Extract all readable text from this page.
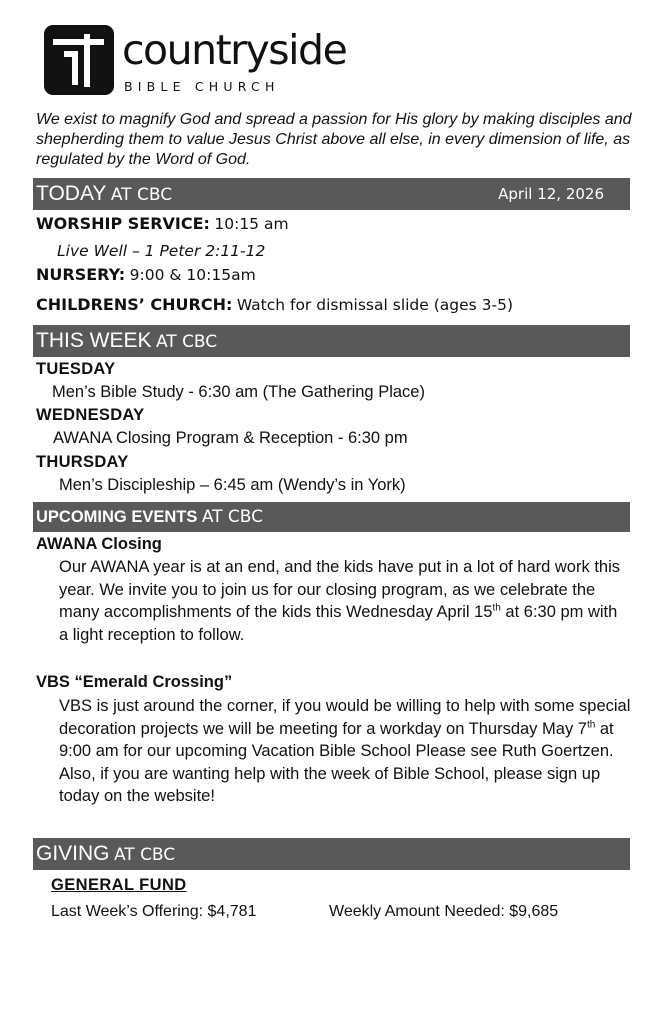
countryside
BIBLE CHURCH
We exist to magnify God and spread a passion for His glory by making disciples and shepherding them to value Jesus Christ above all else, in every dimension of life, as regulated by the Word of God.
TODAY AT CBC	April 12, 2026
WORSHIP SERVICE: 10:15 am
Live Well – 1 Peter 2:11-12
NURSERY: 9:00 & 10:15am
CHILDRENS’ CHURCH: Watch for dismissal slide (ages 3-5)
THIS WEEK AT CBC
TUESDAY
Men’s Bible Study - 6:30 am (The Gathering Place)
WEDNESDAY
AWANA Closing Program & Reception - 6:30 pm
THURSDAY
Men’s Discipleship – 6:45 am (Wendy’s in York)
UPCOMING EVENTS AT CBC
AWANA Closing
Our AWANA year is at an end, and the kids have put in a lot of hard work this year. We invite you to join us for our closing program, as we celebrate the many accomplishments of the kids this Wednesday April 15th at 6:30 pm with a light reception to follow.
VBS “Emerald Crossing”
VBS is just around the corner, if you would be willing to help with some special decoration projects we will be meeting for a workday on Thursday May 7th at 9:00 am for our upcoming Vacation Bible School Please see Ruth Goertzen. Also, if you are wanting help with the week of Bible School, please sign up today on the website!
GIVING AT CBC
GENERAL FUND
Last Week’s Offering: $4,781	Weekly Amount Needed: $9,685
